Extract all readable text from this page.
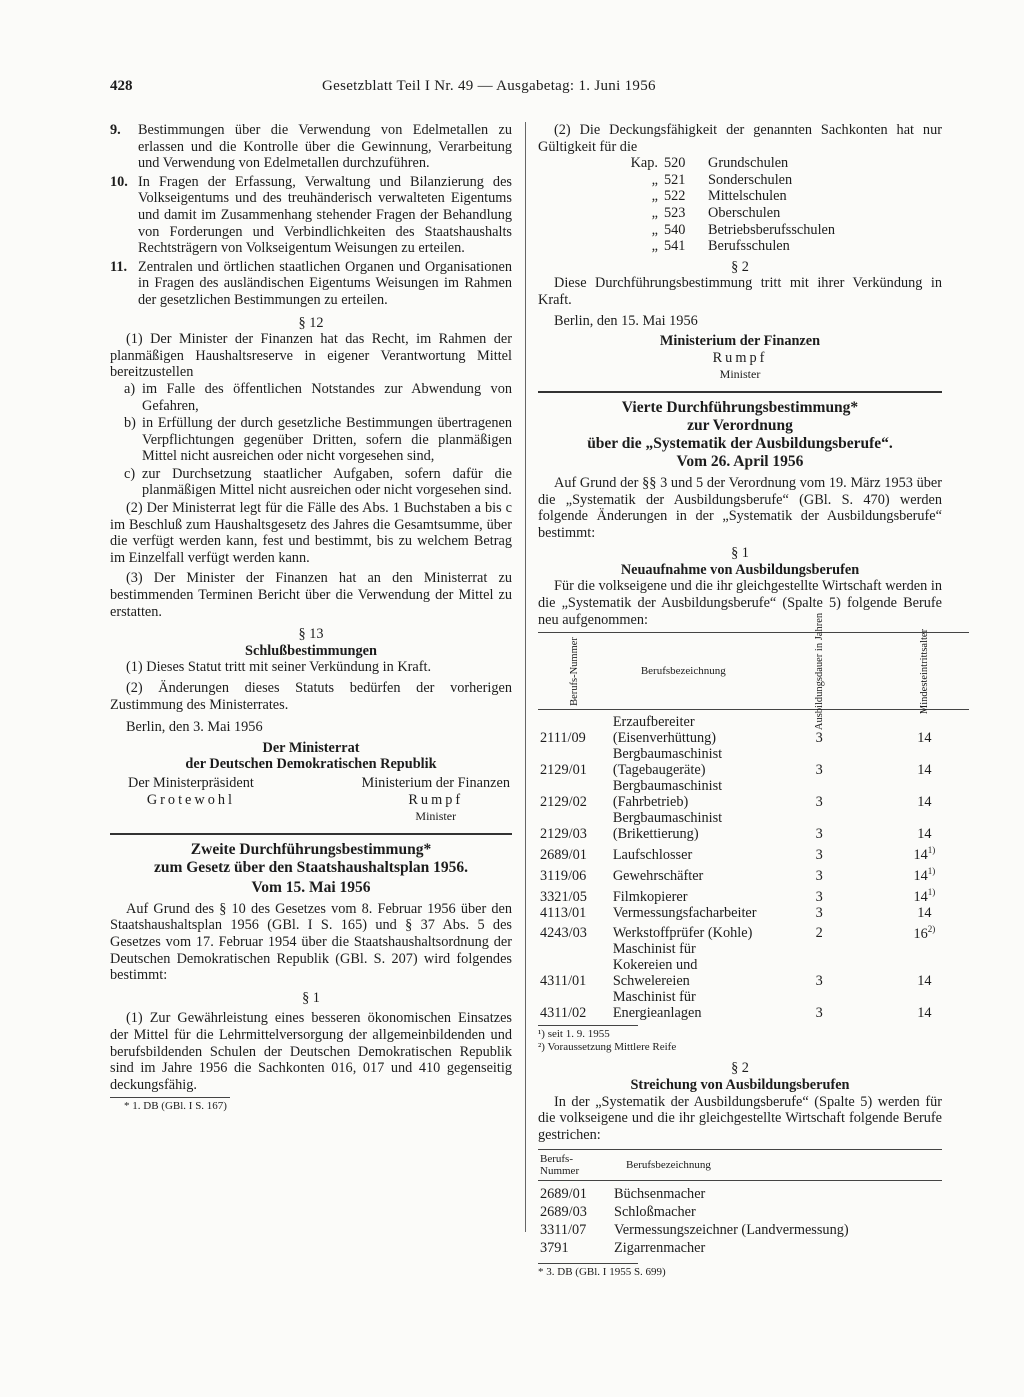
428	Gesetzblatt Teil I Nr. 49 — Ausgabetag: 1. Juni 1956
9.	Bestimmungen über die Verwendung von Edelmetallen zu erlassen und die Kontrolle über die Gewinnung, Verarbeitung und Verwendung von Edelmetallen durchzuführen.
10. In Fragen der Erfassung, Verwaltung und Bilanzierung des Volkseigentums und des treuhänderisch verwalteten Eigentums und damit im Zusammenhang stehender Fragen der Behandlung von Forderungen und Verbindlichkeiten des Staatshaushalts Rechtsträgern von Volkseigentum Weisungen zu erteilen.
11. Zentralen und örtlichen staatlichen Organen und Organisationen in Fragen des ausländischen Eigentums Weisungen im Rahmen der gesetzlichen Bestimmungen zu erteilen.

§ 12

(1) Der Minister der Finanzen hat das Recht, im Rahmen der planmäßigen Haushaltsreserve in eigener Verantwortung Mittel bereitzustellen

a) im Falle des öffentlichen Notstandes zur Abwendung von Gefahren,
b) in Erfüllung der durch gesetzliche Bestimmungen übertragenen Verpflichtungen gegenüber Dritten, sofern die planmäßigen Mittel nicht ausreichen oder nicht vorgesehen sind,
c) zur Durchsetzung staatlicher Aufgaben, sofern dafür die planmäßigen Mittel nicht ausreichen oder nicht vorgesehen sind.

(2) Der Ministerrat legt für die Fälle des Abs. 1 Buchstaben a bis c im Beschluß zum Haushaltsgesetz des Jahres die Gesamtsumme, über die verfügt werden kann, fest und bestimmt, bis zu welchem Betrag im Einzelfall verfügt werden kann.

(3) Der Minister der Finanzen hat an den Ministerrat zu bestimmenden Terminen Bericht über die Verwendung der Mittel zu erstatten.

§ 13

Schlußbestimmungen

(1) Dieses Statut tritt mit seiner Verkündung in Kraft.

(2) Änderungen dieses Statuts bedürfen der vorherigen Zustimmung des Ministerrates.

Berlin, den 3. Mai 1956

Der Ministerrat

der Deutschen Demokratischen Republik

Der Ministerpräsident
Grotewohl
Ministerium der Finanzen
Rumpf
Minister

Zweite Durchführungsbestimmung*

zum Gesetz über den Staatshaushaltsplan 1956.

Vom 15. Mai 1956

Auf Grund des § 10 des Gesetzes vom 8. Februar 1956 über den Staatshaushaltsplan 1956 (GBl. I S. 165) und § 37 Abs. 5 des Gesetzes vom 17. Februar 1954 über die Staatshaushaltsordnung der Deutschen Demokratischen Republik (GBl. S. 207) wird folgendes bestimmt:

§ 1

(1) Zur Gewährleistung eines besseren ökonomischen Einsatzes der Mittel für die Lehrmittelversorgung der allgemeinbildenden und berufsbildenden Schulen der Deutschen Demokratischen Republik sind im Jahre 1956 die Sachkonten 016, 017 und 410 gegenseitig deckungsfähig.

* 1. DB (GBl. I S. 167)

(2) Die Deckungsfähigkeit der genannten Sachkonten hat nur Gültigkeit für die

Kap. 520	Grundschulen
„ 521	Sonderschulen
„ 522	Mittelschulen
„ 523	Oberschulen
„ 540	Betriebsberufsschulen
„ 541	Berufsschulen

§ 2

Diese Durchführungsbestimmung tritt mit ihrer Verkündung in Kraft.

Berlin, den 15. Mai 1956

Ministerium der Finanzen

Rumpf

Minister

Vierte Durchführungsbestimmung*

zur Verordnung

über die „Systematik der Ausbildungsberufe“.

Vom 26. April 1956

Auf Grund der §§ 3 und 5 der Verordnung vom 19. März 1953 über die „Systematik der Ausbildungsberufe“ (GBl. S. 470) werden folgende Änderungen in der „Systematik der Ausbildungsberufe“ bestimmt:

§ 1

Neuaufnahme von Ausbildungsberufen

Für die volkseigene und die ihr gleichgestellte Wirtschaft werden in die „Systematik der Ausbildungsberufe“ (Spalte 5) folgende Berufe neu aufgenommen:

Berufs-Nummer	Berufsbezeichnung	Ausbildungsdauer in Jahren	Mindesteintrittsalter
2111/09	Erzaufbereiter (Eisenverhüttung)	3	14
2129/01	Bergbaumaschinist (Tagebaugeräte)	3	14
2129/02	Bergbaumaschinist (Fahrbetrieb)	3	14
2129/03	Bergbaumaschinist (Brikettierung)	3	14
2689/01	Laufschlosser	3	14$^{1)}$
3119/06	Gewehrschäfter	3	14$^{1)}$
3321/05	Filmkopierer	3	14$^{1)}$
4113/01	Vermessungsfacharbeiter	3	14
4243/03	Werkstoffprüfer (Kohle)	2	16$^{2)}$
4311/01	Maschinist für Kokereien und Schwelereien	3	14
4311/02	Maschinist für Energieanlagen	3	14

¹) seit 1. 9. 1955

²) Voraussetzung Mittlere Reife

§ 2

Streichung von Ausbildungsberufen

In der „Systematik der Ausbildungsberufe“ (Spalte 5) werden für die volkseigene und die ihr gleichgestellte Wirtschaft folgende Berufe gestrichen:

Berufs-Nummer	Berufsbezeichnung
2689/01	Büchsenmacher
2689/03	Schloßmacher
3311/07	Vermessungszeichner (Landvermessung)
3791	Zigarrenmacher

* 3. DB (GBl. I 1955 S. 699)
